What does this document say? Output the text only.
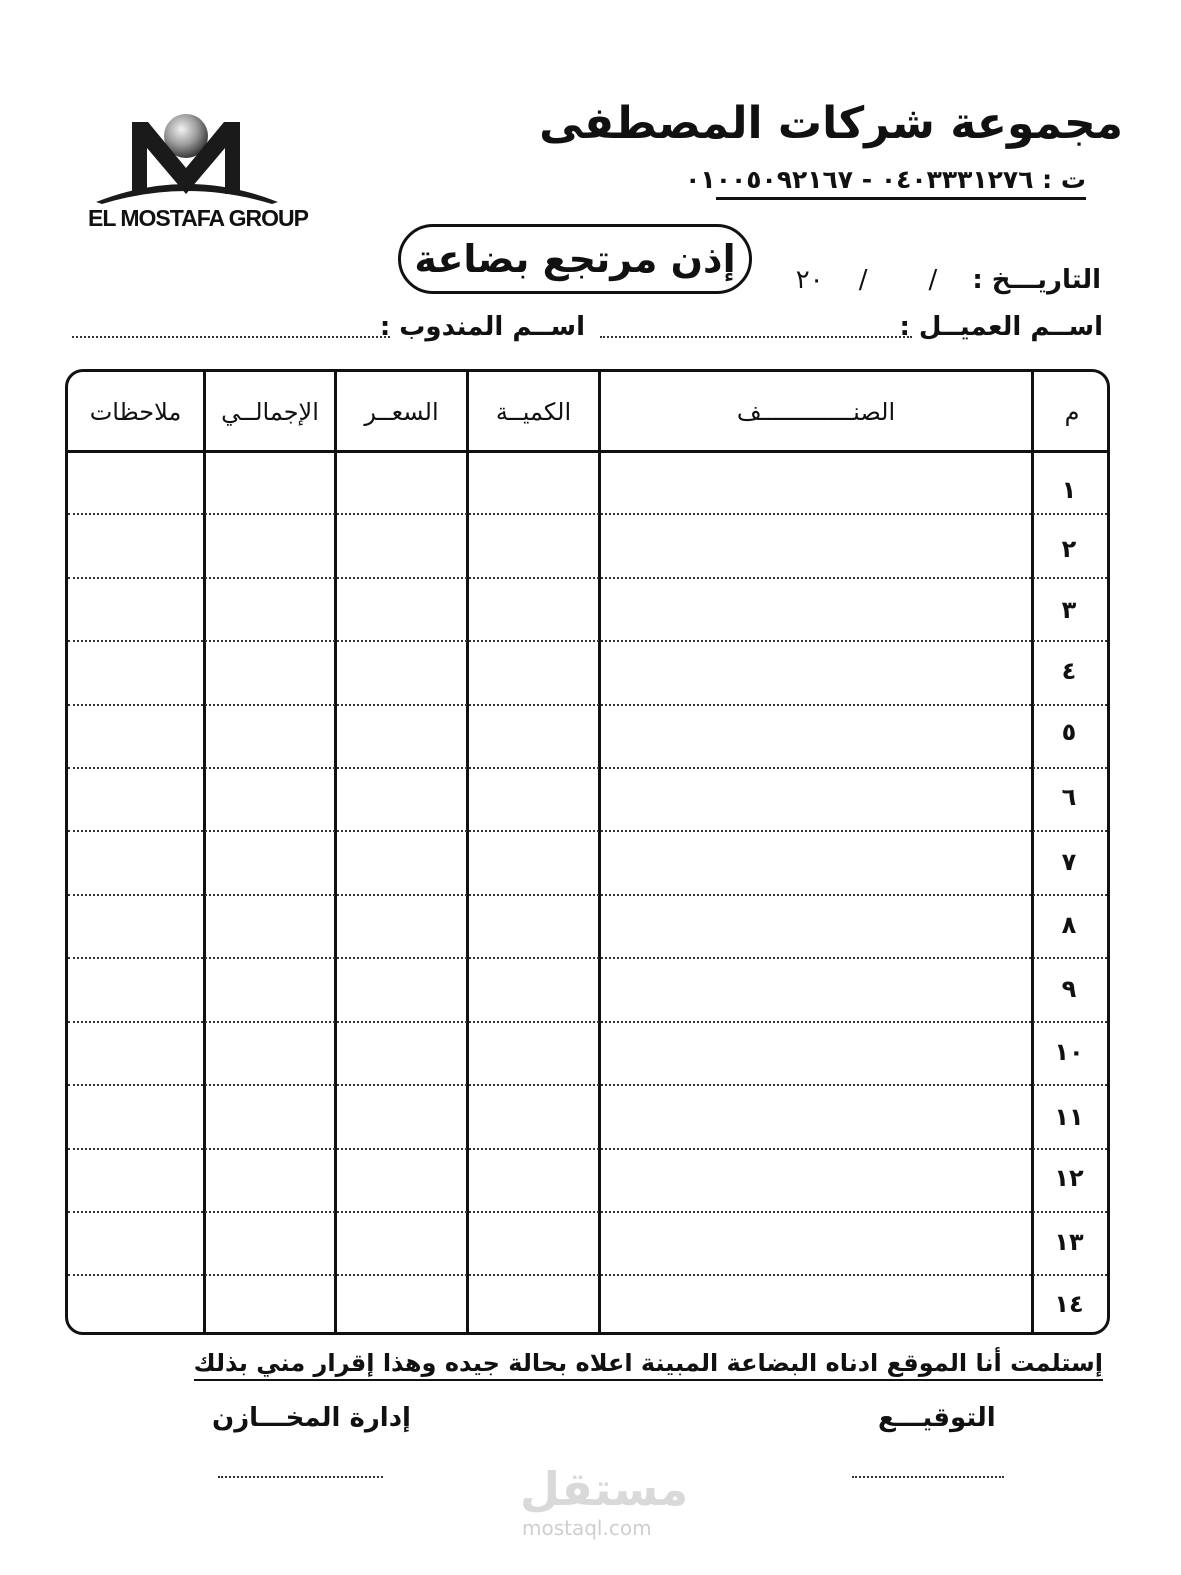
مجموعة شركات المصطفى
ت : ٠٤٠٣٣٣١٢٧٦ - ٠١٠٠٥٠٩٢١٦٧
EL MOSTAFA GROUP
إذن مرتجع بضاعة	التاريـــخ : / / ٢٠
اســم العميــل :
اســم المندوب :
م
الصنـــــــــــــف
الكميــة
السعــر
الإجمالــي
ملاحظات
١
٢
٣
٤
٥
٦
٧
٨
٩
١٠
١١
١٢
١٣
١٤
إستلمت أنا الموقع ادناه البضاعة المبينة اعلاه بحالة جيده وهذا إقرار مني بذلك
التوقيـــع
إدارة المخـــازن
مستقل
mostaql.com
